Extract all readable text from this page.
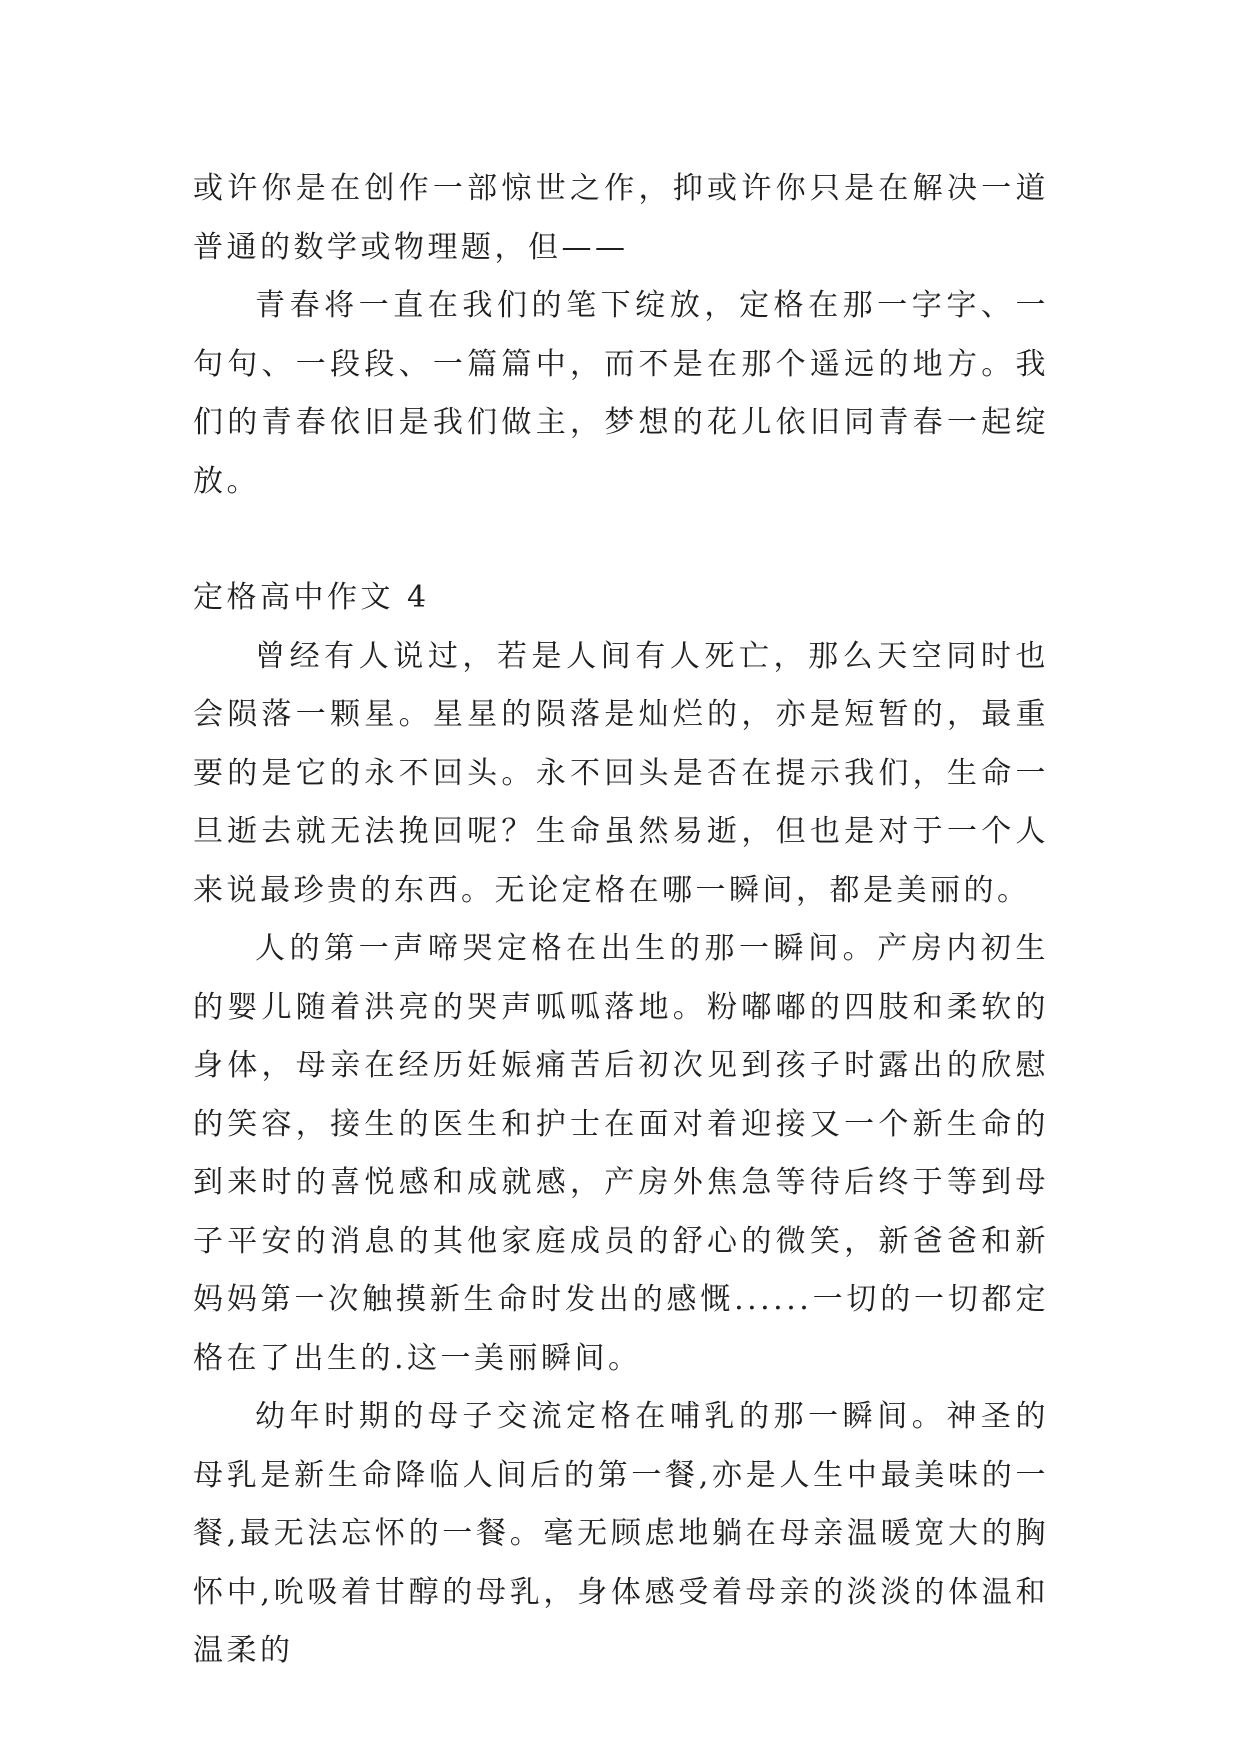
或许你是在创作一部惊世之作，抑或许你只是在解决一道普通的数学或物理题，但——

青春将一直在我们的笔下绽放，定格在那一字字、一句句、一段段、一篇篇中，而不是在那个遥远的地方。我们的青春依旧是我们做主，梦想的花儿依旧同青春一起绽放。

定格高中作文 4

曾经有人说过，若是人间有人死亡，那么天空同时也会陨落一颗星。星星的陨落是灿烂的，亦是短暂的，最重要的是它的永不回头。永不回头是否在提示我们，生命一旦逝去就无法挽回呢？生命虽然易逝，但也是对于一个人来说最珍贵的东西。无论定格在哪一瞬间，都是美丽的。

人的第一声啼哭定格在出生的那一瞬间。产房内初生的婴儿随着洪亮的哭声呱呱落地。粉嘟嘟的四肢和柔软的身体，母亲在经历妊娠痛苦后初次见到孩子时露出的欣慰的笑容，接生的医生和护士在面对着迎接又一个新生命的到来时的喜悦感和成就感，产房外焦急等待后终于等到母子平安的消息的其他家庭成员的舒心的微笑，新爸爸和新妈妈第一次触摸新生命时发出的感慨......一切的一切都定格在了出生的.这一美丽瞬间。

幼年时期的母子交流定格在哺乳的那一瞬间。神圣的母乳是新生命降临人间后的第一餐,亦是人生中最美味的一餐,最无法忘怀的一餐。毫无顾虑地躺在母亲温暖宽大的胸怀中,吮吸着甘醇的母乳，身体感受着母亲的淡淡的体温和温柔的
